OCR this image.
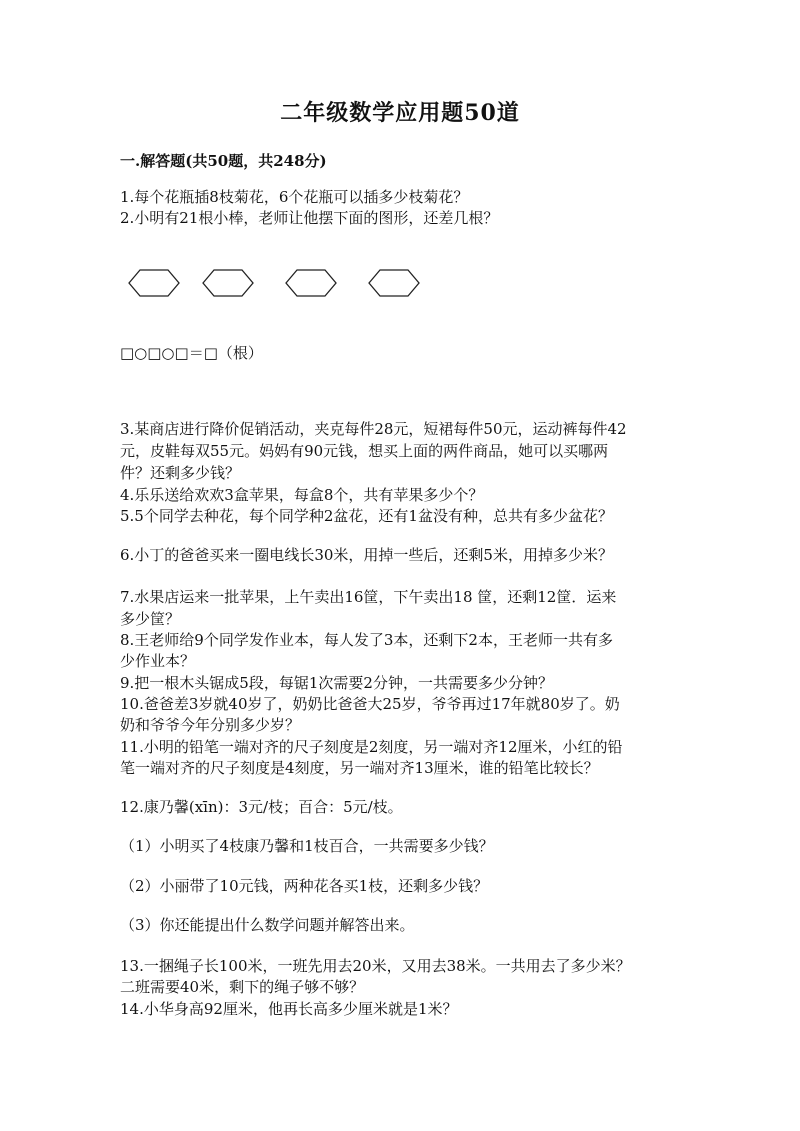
二年级数学应用题50道
一.解答题(共50题，共248分)
1.每个花瓶插8枝菊花，6个花瓶可以插多少枝菊花？
2.小明有21根小棒，老师让他摆下面的图形，还差几根？
□○□○□＝□（根）
3.某商店进行降价促销活动，夹克每件28元，短裙每件50元，运动裤每件42
元，皮鞋每双55元。妈妈有90元钱，想买上面的两件商品，她可以买哪两
件？还剩多少钱？
4.乐乐送给欢欢3盒苹果，每盒8个，共有苹果多少个？
5.5个同学去种花，每个同学种2盆花，还有1盆没有种，总共有多少盆花？
6.小丁的爸爸买来一圈电线长30米，用掉一些后，还剩5米，用掉多少米？
7.水果店运来一批苹果，上午卖出16筐，下午卖出18 筐，还剩12筐．运来
多少筐？
8.王老师给9个同学发作业本，每人发了3本，还剩下2本，王老师一共有多
少作业本？
9.把一根木头锯成5段，每锯1次需要2分钟，一共需要多少分钟？
10.爸爸差3岁就40岁了，奶奶比爸爸大25岁，爷爷再过17年就80岁了。奶
奶和爷爷今年分别多少岁？
11.小明的铅笔一端对齐的尺子刻度是2刻度，另一端对齐12厘米，小红的铅
笔一端对齐的尺子刻度是4刻度，另一端对齐13厘米，谁的铅笔比较长？
12.康乃馨(xīn)：3元/枝；百合：5元/枝。
（1）小明买了4枝康乃馨和1枝百合，一共需要多少钱？
（2）小丽带了10元钱，两种花各买1枝，还剩多少钱？
（3）你还能提出什么数学问题并解答出来。
13.一捆绳子长100米，一班先用去20米，又用去38米。一共用去了多少米？
二班需要40米，剩下的绳子够不够？
14.小华身高92厘米，他再长高多少厘米就是1米？
